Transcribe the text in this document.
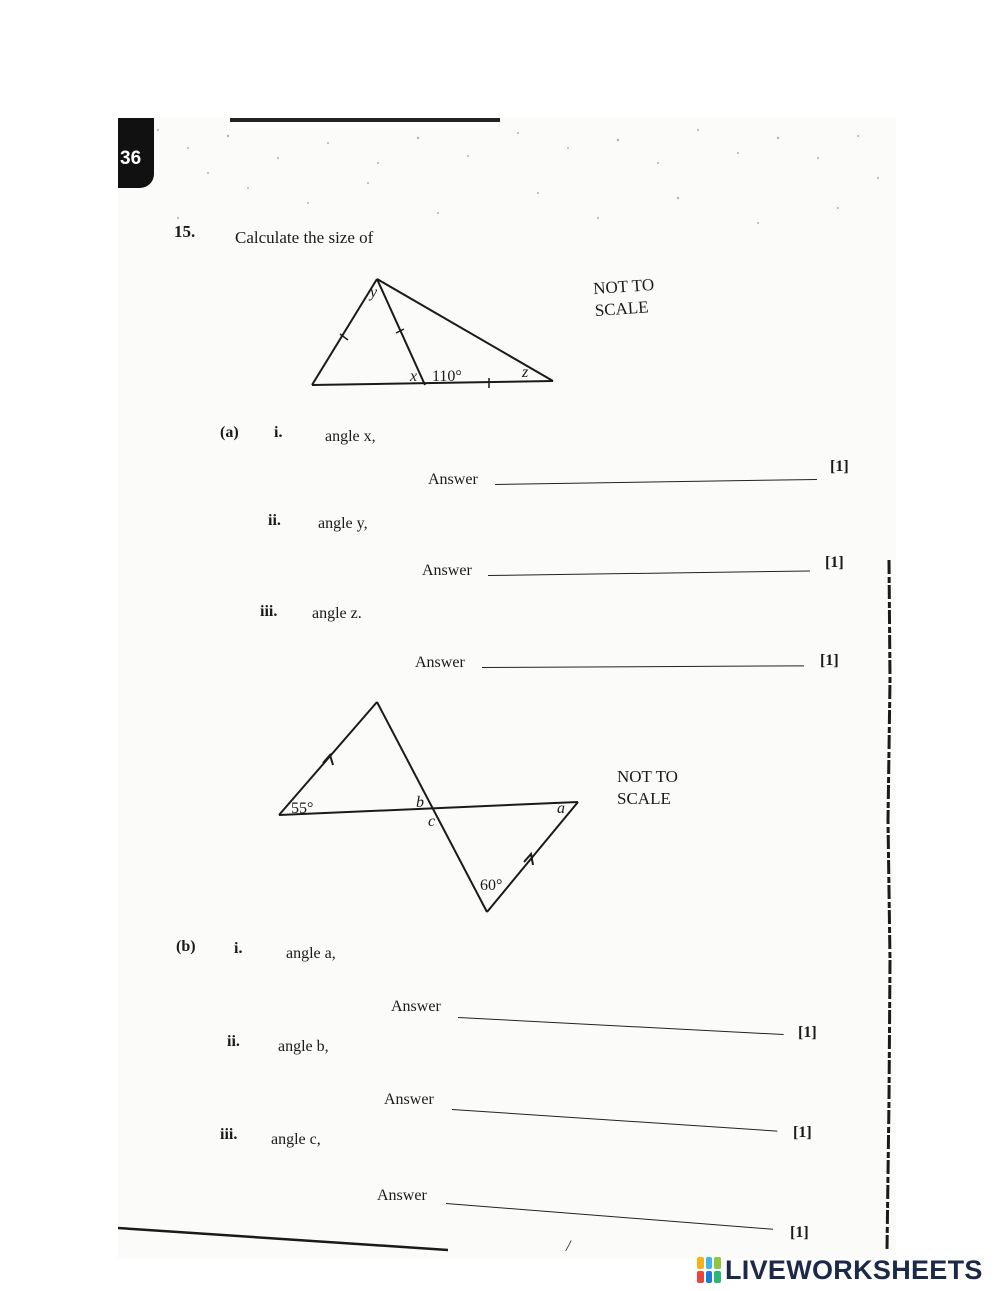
36
15. Calculate the size of
y
x 110°	z
NOT TO
SCALE
(a) i.	angle x,
Answer
[1]
ii. angle y,
Answer	[1]
iii. angle z.
Answer	[1]
55°	b
c
a
60°
NOT TO
SCALE
(b) i.	angle a,
Answer
[1]
ii. angle b,
Answer
[1]
iii. angle c,
Answer
[1]
/
LIVEWORKSHEETS
